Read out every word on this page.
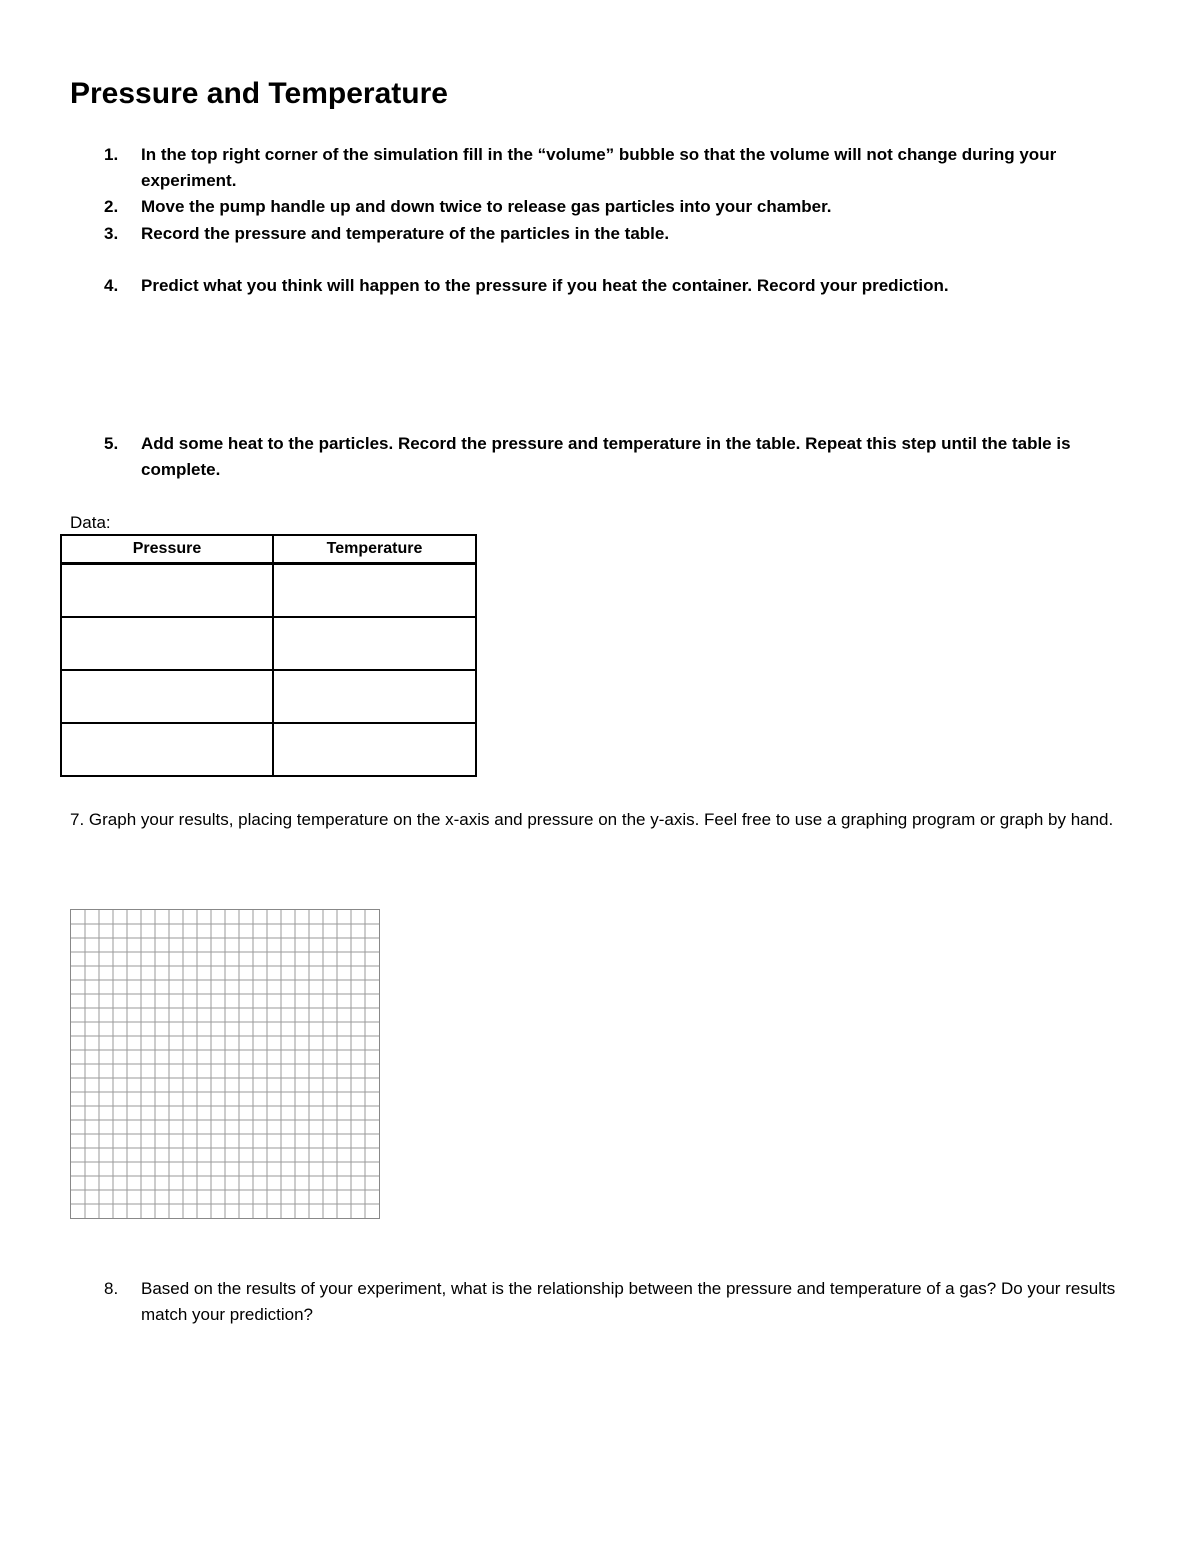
Pressure and Temperature
1. In the top right corner of the simulation fill in the “volume” bubble so that the volume will not change during your experiment.
2. Move the pump handle up and down twice to release gas particles into your chamber.
3. Record the pressure and temperature of the particles in the table.
4. Predict what you think will happen to the pressure if you heat the container. Record your prediction.
5. Add some heat to the particles. Record the pressure and temperature in the table. Repeat this step until the table is complete.
Data:
Pressure	Temperature

7. Graph your results, placing temperature on the x-axis and pressure on the y-axis. Feel free to use a graphing program or graph by hand.
8. Based on the results of your experiment, what is the relationship between the pressure and temperature of a gas? Do your results match your prediction?
